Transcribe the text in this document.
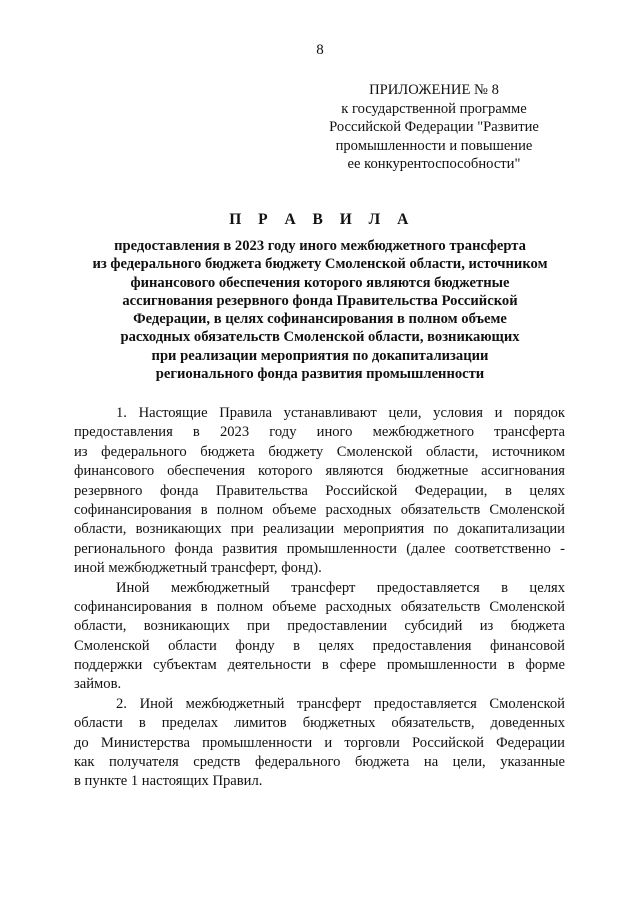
8
ПРИЛОЖЕНИЕ № 8
к государственной программе
Российской Федерации "Развитие
промышленности и повышение
ее конкурентоспособности"
П Р А В И Л А
предоставления в 2023 году иного межбюджетного трансферта
из федерального бюджета бюджету Смоленской области, источником
финансового обеспечения которого являются бюджетные
ассигнования резервного фонда Правительства Российской
Федерации, в целях софинансирования в полном объеме
расходных обязательств Смоленской области, возникающих
при реализации мероприятия по докапитализации
регионального фонда развития промышленности
1. Настоящие Правила устанавливают цели, условия и порядок
предоставления в 2023 году иного межбюджетного трансферта
из федерального бюджета бюджету Смоленской области, источником
финансового обеспечения которого являются бюджетные ассигнования
резервного фонда Правительства Российской Федерации, в целях
софинансирования в полном объеме расходных обязательств Смоленской
области, возникающих при реализации мероприятия по докапитализации
регионального фонда развития промышленности (далее соответственно -
иной межбюджетный трансферт, фонд).
Иной межбюджетный трансферт предоставляется в целях
софинансирования в полном объеме расходных обязательств Смоленской
области, возникающих при предоставлении субсидий из бюджета
Смоленской области фонду в целях предоставления финансовой
поддержки субъектам деятельности в сфере промышленности в форме
займов.
2. Иной межбюджетный трансферт предоставляется Смоленской
области в пределах лимитов бюджетных обязательств, доведенных
до Министерства промышленности и торговли Российской Федерации
как получателя средств федерального бюджета на цели, указанные
в пункте 1 настоящих Правил.
